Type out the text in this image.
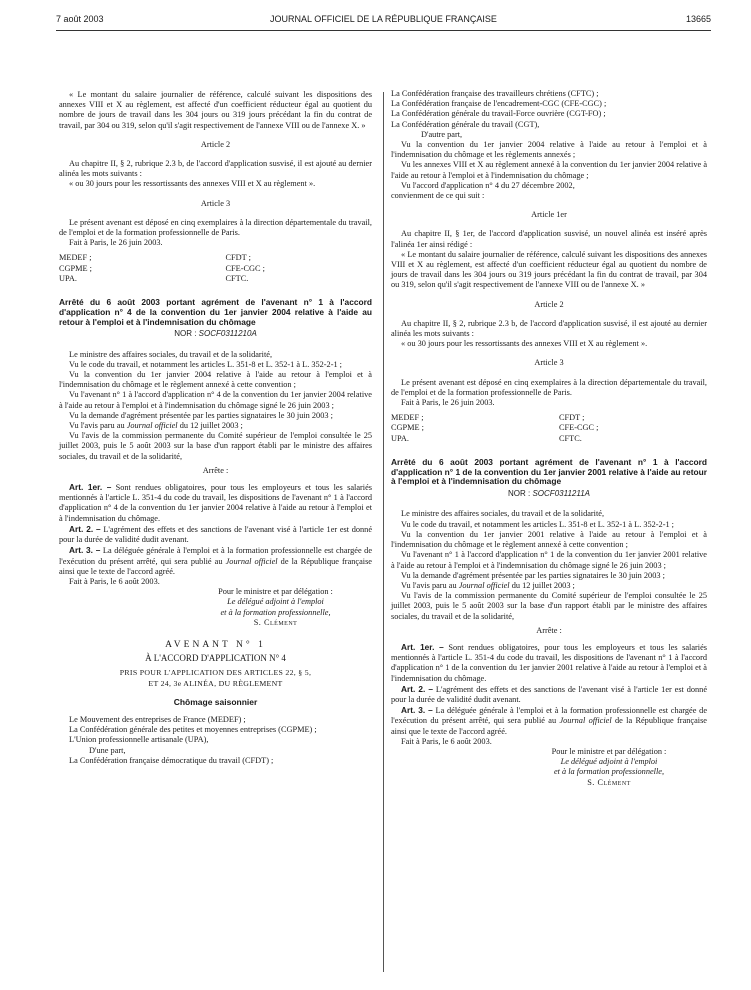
7 août 2003	JOURNAL OFFICIEL DE LA RÉPUBLIQUE FRANÇAISE	13665

« Le montant du salaire journalier de référence, calculé suivant les dispositions des annexes VIII et X au règlement, est affecté d'un coefficient réducteur égal au quotient du nombre de jours de travail dans les 304 jours ou 319 jours précédant la fin du contrat de travail, par 304 ou 319, selon qu'il s'agit respectivement de l'annexe VIII ou de l'annexe X. »

Article 2

Au chapitre II, § 2, rubrique 2.3 b, de l'accord d'application susvisé, il est ajouté au dernier alinéa les mots suivants :

« ou 30 jours pour les ressortissants des annexes VIII et X au règlement ».

Article 3

Le présent avenant est déposé en cinq exemplaires à la direction départementale du travail, de l'emploi et de la formation professionnelle de Paris.

Fait à Paris, le 26 juin 2003.

MEDEF ;	CFDT ;
CGPME ;	CFE-CGC ;
UPA.	CFTC.

Arrêté du 6 août 2003 portant agrément de l'avenant n° 1 à l'accord d'application n° 4 de la convention du 1er janvier 2004 relative à l'aide au retour à l'emploi et à l'indemnisation du chômage

NOR : SOCF0311210A

Le ministre des affaires sociales, du travail et de la solidarité,

Vu le code du travail, et notamment les articles L. 351-8 et L. 352-1 à L. 352-2-1 ;

Vu la convention du 1er janvier 2004 relative à l'aide au retour à l'emploi et à l'indemnisation du chômage et le règlement annexé à cette convention ;

Vu l'avenant n° 1 à l'accord d'application n° 4 de la convention du 1er janvier 2004 relative à l'aide au retour à l'emploi et à l'indemnisation du chômage signé le 26 juin 2003 ;

Vu la demande d'agrément présentée par les parties signataires le 30 juin 2003 ;

Vu l'avis paru au Journal officiel du 12 juillet 2003 ;

Vu l'avis de la commission permanente du Comité supérieur de l'emploi consultée le 25 juillet 2003, puis le 5 août 2003 sur la base d'un rapport établi par le ministre des affaires sociales, du travail et de la solidarité,

Arrête :

Art. 1er. – Sont rendues obligatoires, pour tous les employeurs et tous les salariés mentionnés à l'article L. 351-4 du code du travail, les dispositions de l'avenant n° 1 à l'accord d'application n° 4 de la convention du 1er janvier 2004 relative à l'aide au retour à l'emploi et à l'indemnisation du chômage.

Art. 2. – L'agrément des effets et des sanctions de l'avenant visé à l'article 1er est donné pour la durée de validité dudit avenant.

Art. 3. – La déléguée générale à l'emploi et à la formation professionnelle est chargée de l'exécution du présent arrêté, qui sera publié au Journal officiel de la République française ainsi que le texte de l'accord agréé.

Fait à Paris, le 6 août 2003.

Pour le ministre et par délégation :
Le délégué adjoint à l'emploi
et à la formation professionnelle,
S. Clément

AVENANT N° 1

À L'ACCORD D'APPLICATION N° 4

PRIS POUR L'APPLICATION DES ARTICLES 22, § 5,

ET 24, 3e ALINÉA, DU RÈGLEMENT

Chômage saisonnier

Le Mouvement des entreprises de France (MEDEF) ;

La Confédération générale des petites et moyennes entreprises (CGPME) ;

L'Union professionnelle artisanale (UPA),

D'une part,

La Confédération française démocratique du travail (CFDT) ;

La Confédération française des travailleurs chrétiens (CFTC) ;

La Confédération française de l'encadrement-CGC (CFE-CGC) ;

La Confédération générale du travail-Force ouvrière (CGT-FO) ;

La Confédération générale du travail (CGT),

D'autre part,

Vu la convention du 1er janvier 2004 relative à l'aide au retour à l'emploi et à l'indemnisation du chômage et les règlements annexés ;

Vu les annexes VIII et X au règlement annexé à la convention du 1er janvier 2004 relative à l'aide au retour à l'emploi et à l'indemnisation du chômage ;

Vu l'accord d'application n° 4 du 27 décembre 2002,

convienment de ce qui suit :

Article 1er

Au chapitre II, § 1er, de l'accord d'application susvisé, un nouvel alinéa est inséré après l'alinéa 1er ainsi rédigé :

« Le montant du salaire journalier de référence, calculé suivant les dispositions des annexes VIII et X au règlement, est affecté d'un coefficient réducteur égal au quotient du nombre de jours de travail dans les 304 jours ou 319 jours précédant la fin du contrat de travail, par 304 ou 319, selon qu'il s'agit respectivement de l'annexe VIII ou de l'annexe X. »

Article 2

Au chapitre II, § 2, rubrique 2.3 b, de l'accord d'application susvisé, il est ajouté au dernier alinéa les mots suivants :

« ou 30 jours pour les ressortissants des annexes VIII et X au règlement ».

Article 3

Le présent avenant est déposé en cinq exemplaires à la direction départementale du travail, de l'emploi et de la formation professionnelle de Paris.

Fait à Paris, le 26 juin 2003.

MEDEF ;	CFDT ;
CGPME ;	CFE-CGC ;
UPA.	CFTC.

Arrêté du 6 août 2003 portant agrément de l'avenant n° 1 à l'accord d'application n° 1 de la convention du 1er janvier 2001 relative à l'aide au retour à l'emploi et à l'indemnisation du chômage

NOR : SOCF0311211A

Le ministre des affaires sociales, du travail et de la solidarité,

Vu le code du travail, et notamment les articles L. 351-8 et L. 352-1 à L. 352-2-1 ;

Vu la convention du 1er janvier 2001 relative à l'aide au retour à l'emploi et à l'indemnisation du chômage et le règlement annexé à cette convention ;

Vu l'avenant n° 1 à l'accord d'application n° 1 de la convention du 1er janvier 2001 relative à l'aide au retour à l'emploi et à l'indemnisation du chômage signé le 26 juin 2003 ;

Vu la demande d'agrément présentée par les parties signataires le 30 juin 2003 ;

Vu l'avis paru au Journal officiel du 12 juillet 2003 ;

Vu l'avis de la commission permanente du Comité supérieur de l'emploi consultée le 25 juillet 2003, puis le 5 août 2003 sur la base d'un rapport établi par le ministre des affaires sociales, du travail et de la solidarité,

Arrête :

Art. 1er. – Sont rendues obligatoires, pour tous les employeurs et tous les salariés mentionnés à l'article L. 351-4 du code du travail, les dispositions de l'avenant n° 1 à l'accord d'application n° 1 de la convention du 1er janvier 2001 relative à l'aide au retour à l'emploi et à l'indemnisation du chômage.

Art. 2. – L'agrément des effets et des sanctions de l'avenant visé à l'article 1er est donné pour la durée de validité dudit avenant.

Art. 3. – La déléguée générale à l'emploi et à la formation professionnelle est chargée de l'exécution du présent arrêté, qui sera publié au Journal officiel de la République française ainsi que le texte de l'accord agréé.

Fait à Paris, le 6 août 2003.

Pour le ministre et par délégation :
Le délégué adjoint à l'emploi
et à la formation professionnelle,
S. Clément
